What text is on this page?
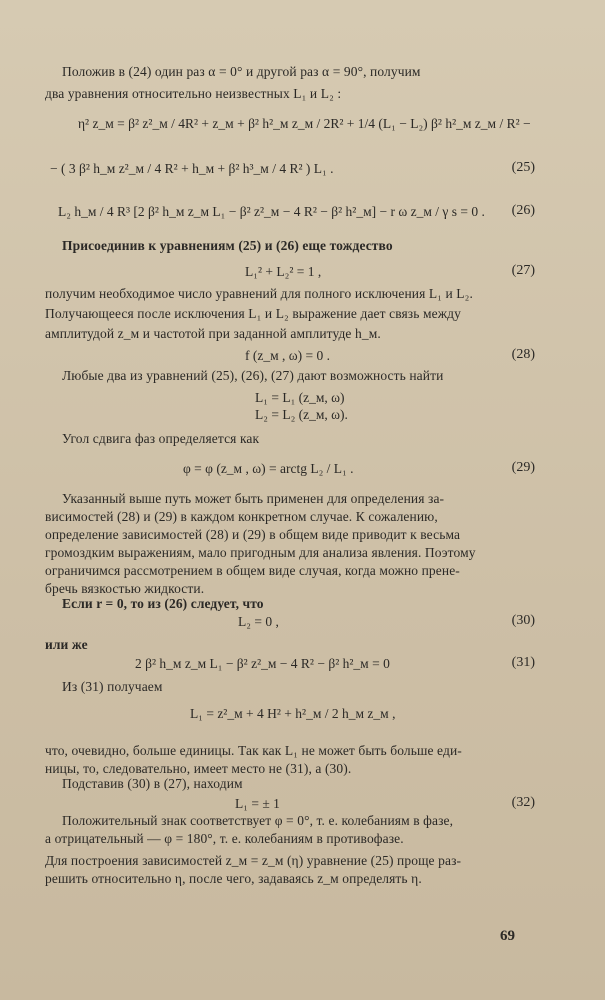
Положив в (24) один раз α = 0° и другой раз α = 90°, получим
два уравнения относительно неизвестных L₁ и L₂ :
η² z_м = β² z²_м / 4R² + z_м + β² h²_м z_м / 2R² + 1/4 (L₁ − L₂) β² h²_м z_м / R² −
− ( 3 β² h_м z²_м / 4 R² + h_м + β² h³_м / 4 R² ) L₁ .	(25)
L₂ h_м / 4 R³ [2 β² h_м z_м L₁ − β² z²_м − 4 R² − β² h²_м] − r ω z_м / γ s = 0 . (26)
Присоединив к уравнениям (25) и (26) еще тождество
L₁² + L₂² = 1 ,	(27)
получим необходимое число уравнений для полного исключения L₁ и L₂.
Получающееся после исключения L₁ и L₂ выражение дает связь между
амплитудой z_м и частотой при заданной амплитуде h_м.
f (z_м , ω) = 0 .	(28)
Любые два из уравнений (25), (26), (27) дают возможность найти
L₁ = L₁ (z_м, ω)
L₂ = L₂ (z_м, ω).
Угол сдвига фаз определяется как
φ = φ (z_м , ω) = arctg L₂ / L₁ .	(29)
Указанный выше путь может быть применен для определения за-
висимостей (28) и (29) в каждом конкретном случае. К сожалению,
определение зависимостей (28) и (29) в общем виде приводит к весьма
громоздким выражениям, мало пригодным для анализа явления. Поэтому
ограничимся рассмотрением в общем виде случая, когда можно прене-
бречь вязкостью жидкости.
Если r = 0, то из (26) следует, что
L₂ = 0 ,	(30)
или же
2 β² h_м z_м L₁ − β² z²_м − 4 R² − β² h²_м = 0	(31)
Из (31) получаем
L₁ = z²_м + 4 H² + h²_м / 2 h_м z_м ,
что, очевидно, больше единицы. Так как L₁ не может быть больше еди-
ницы, то, следовательно, имеет место не (31), а (30).
Подставив (30) в (27), находим
L₁ = ± 1	(32)
Положительный знак соответствует φ = 0°, т. е. колебаниям в фазе,
а отрицательный — φ = 180°, т. е. колебаниям в противофазе.
Для построения зависимостей z_м = z_м (η) уравнение (25) проще раз-
решить относительно η, после чего, задаваясь z_м определять η.
69
